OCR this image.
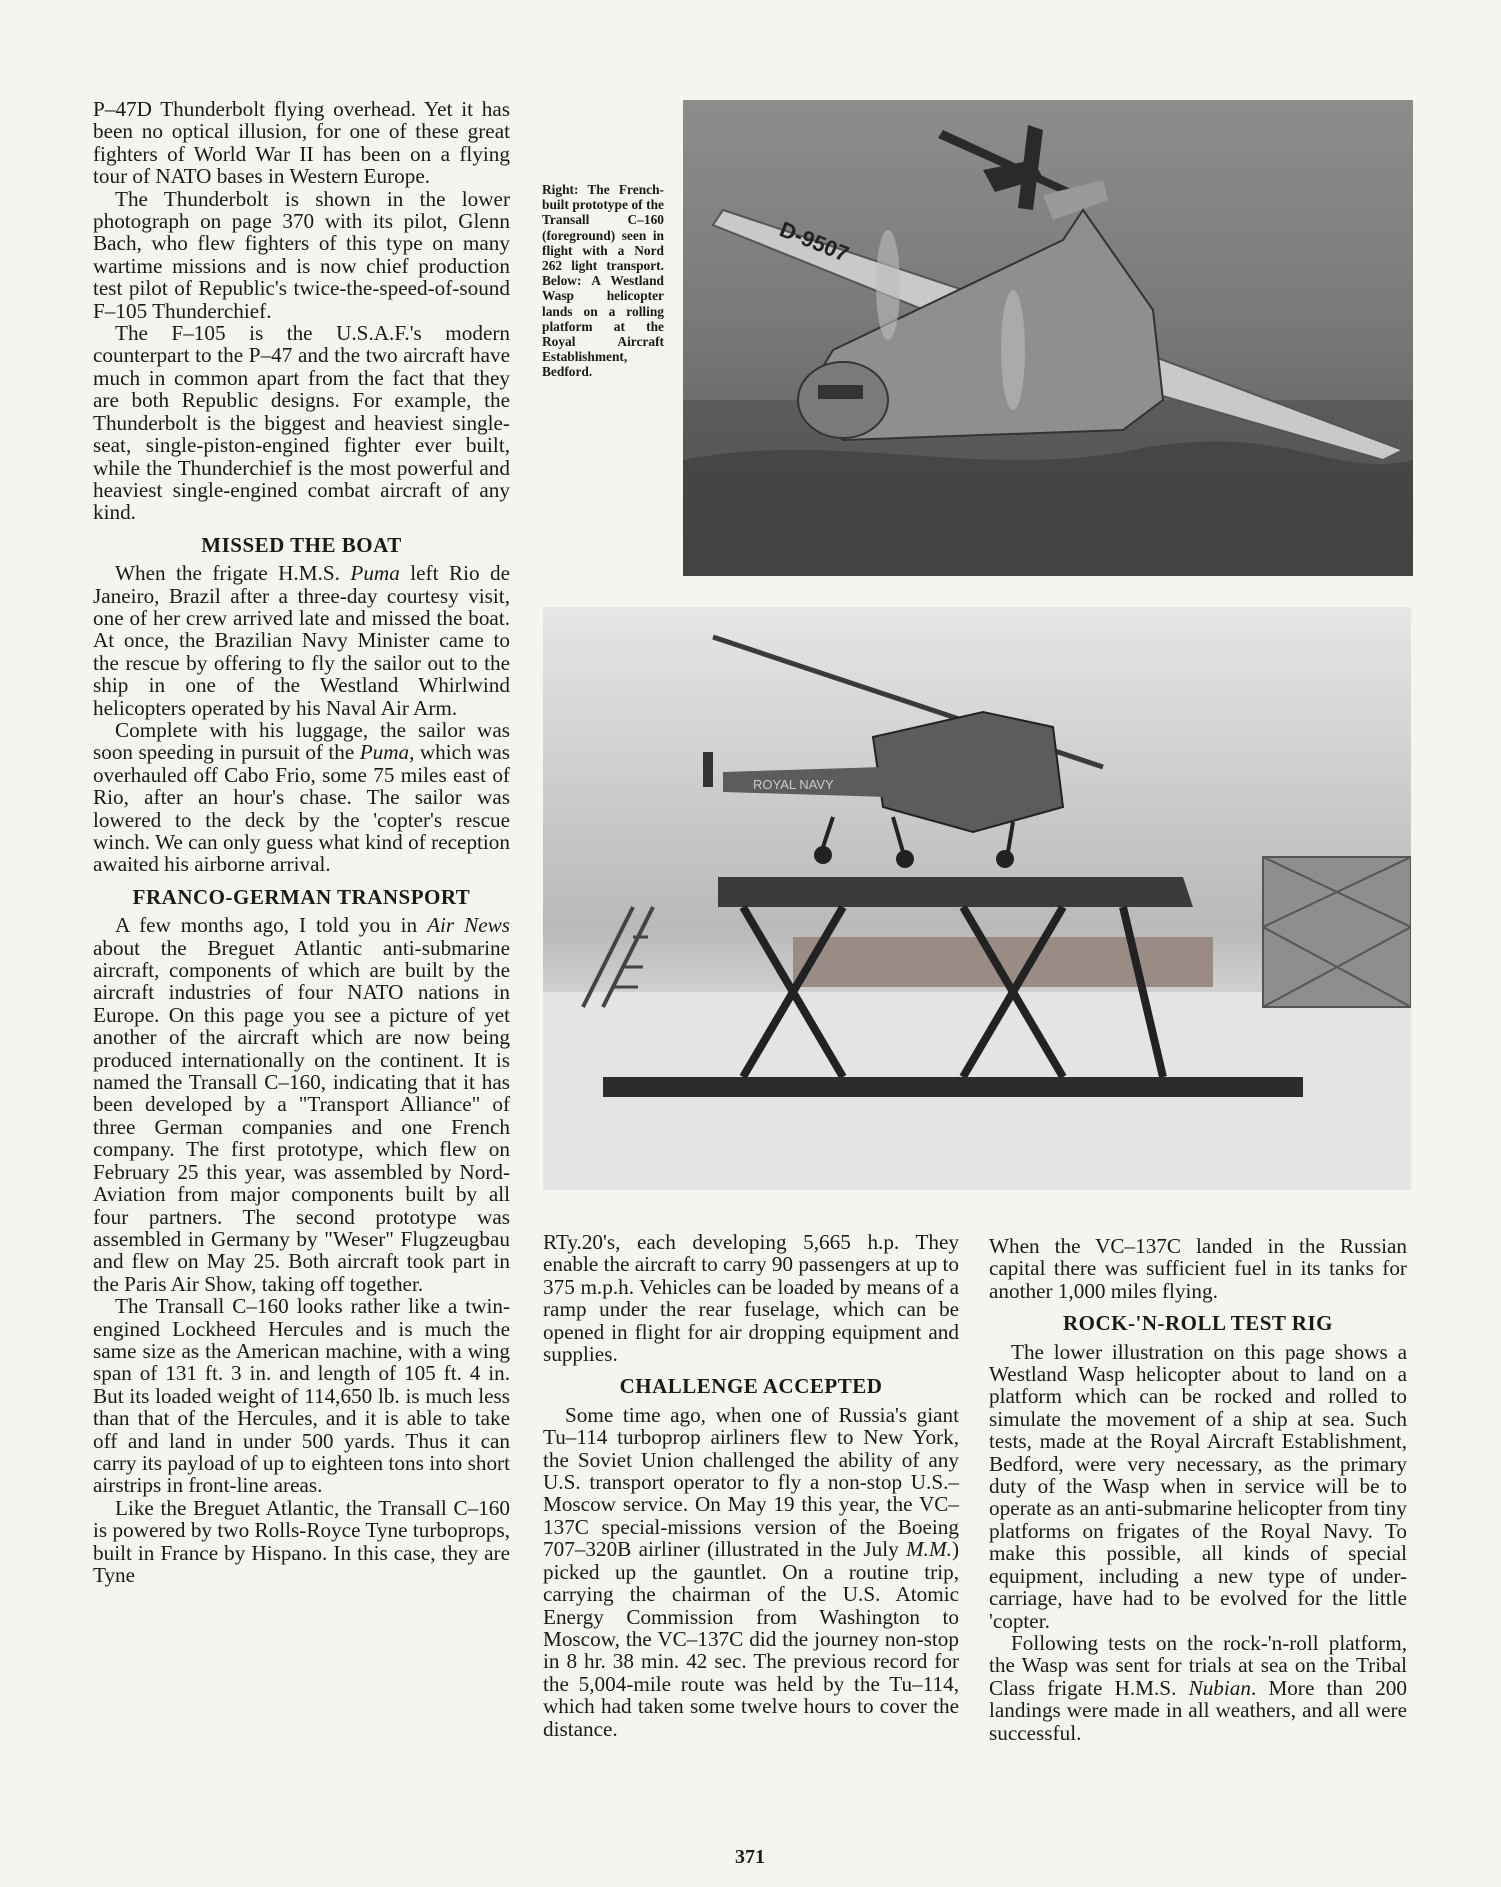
P–47D Thunderbolt flying overhead. Yet it has been no optical illusion, for one of these great fighters of World War II has been on a flying tour of NATO bases in Western Europe.

The Thunderbolt is shown in the lower photograph on page 370 with its pilot, Glenn Bach, who flew fighters of this type on many wartime missions and is now chief production test pilot of Republic's twice-the-speed-of-sound F–105 Thunderchief.

The F–105 is the U.S.A.F.'s modern counterpart to the P–47 and the two aircraft have much in common apart from the fact that they are both Republic designs. For example, the Thunderbolt is the biggest and heaviest single-seat, single-piston-engined fighter ever built, while the Thunderchief is the most powerful and heaviest single-engined combat aircraft of any kind.

MISSED THE BOAT

When the frigate H.M.S. Puma left Rio de Janeiro, Brazil after a three-day courtesy visit, one of her crew arrived late and missed the boat. At once, the Brazilian Navy Minister came to the rescue by offering to fly the sailor out to the ship in one of the Westland Whirlwind helicopters operated by his Naval Air Arm.

Complete with his luggage, the sailor was soon speeding in pursuit of the Puma, which was overhauled off Cabo Frio, some 75 miles east of Rio, after an hour's chase. The sailor was lowered to the deck by the 'copter's rescue winch. We can only guess what kind of reception awaited his airborne arrival.

FRANCO-GERMAN TRANSPORT

A few months ago, I told you in Air News about the Breguet Atlantic anti-submarine aircraft, components of which are built by the aircraft industries of four NATO nations in Europe. On this page you see a picture of yet another of the aircraft which are now being produced internationally on the continent. It is named the Transall C–160, indicating that it has been developed by a "Transport Alliance" of three German companies and one French company. The first prototype, which flew on February 25 this year, was assembled by Nord-Aviation from major components built by all four partners. The second prototype was assembled in Germany by "Weser" Flugzeugbau and flew on May 25. Both aircraft took part in the Paris Air Show, taking off together.

The Transall C–160 looks rather like a twin-engined Lockheed Hercules and is much the same size as the American machine, with a wing span of 131 ft. 3 in. and length of 105 ft. 4 in. But its loaded weight of 114,650 lb. is much less than that of the Hercules, and it is able to take off and land in under 500 yards. Thus it can carry its payload of up to eighteen tons into short airstrips in front-line areas.

Like the Breguet Atlantic, the Transall C–160 is powered by two Rolls-Royce Tyne turboprops, built in France by Hispano. In this case, they are Tyne

Right: The French-built prototype of the Transall C–160 (foreground) seen in flight with a Nord 262 light transport. Below: A Westland Wasp helicopter lands on a rolling platform at the Royal Aircraft Establishment, Bedford.
D-9507
ROYAL NAVY

RTy.20's, each developing 5,665 h.p. They enable the aircraft to carry 90 passengers at up to 375 m.p.h. Vehicles can be loaded by means of a ramp under the rear fuselage, which can be opened in flight for air dropping equipment and supplies.

CHALLENGE ACCEPTED

Some time ago, when one of Russia's giant Tu–114 turboprop airliners flew to New York, the Soviet Union challenged the ability of any U.S. transport operator to fly a non-stop U.S.–Moscow service. On May 19 this year, the VC–137C special-missions version of the Boeing 707–320B airliner (illustrated in the July M.M.) picked up the gauntlet. On a routine trip, carrying the chairman of the U.S. Atomic Energy Commission from Washington to Moscow, the VC–137C did the journey non-stop in 8 hr. 38 min. 42 sec. The previous record for the 5,004-mile route was held by the Tu–114, which had taken some twelve hours to cover the distance.

When the VC–137C landed in the Russian capital there was sufficient fuel in its tanks for another 1,000 miles flying.

ROCK-'N-ROLL TEST RIG

The lower illustration on this page shows a Westland Wasp helicopter about to land on a platform which can be rocked and rolled to simulate the movement of a ship at sea. Such tests, made at the Royal Aircraft Establishment, Bedford, were very necessary, as the primary duty of the Wasp when in service will be to operate as an anti-submarine helicopter from tiny platforms on frigates of the Royal Navy. To make this possible, all kinds of special equipment, including a new type of under-carriage, have had to be evolved for the little 'copter.

Following tests on the rock-'n-roll platform, the Wasp was sent for trials at sea on the Tribal Class frigate H.M.S. Nubian. More than 200 landings were made in all weathers, and all were successful.

371
